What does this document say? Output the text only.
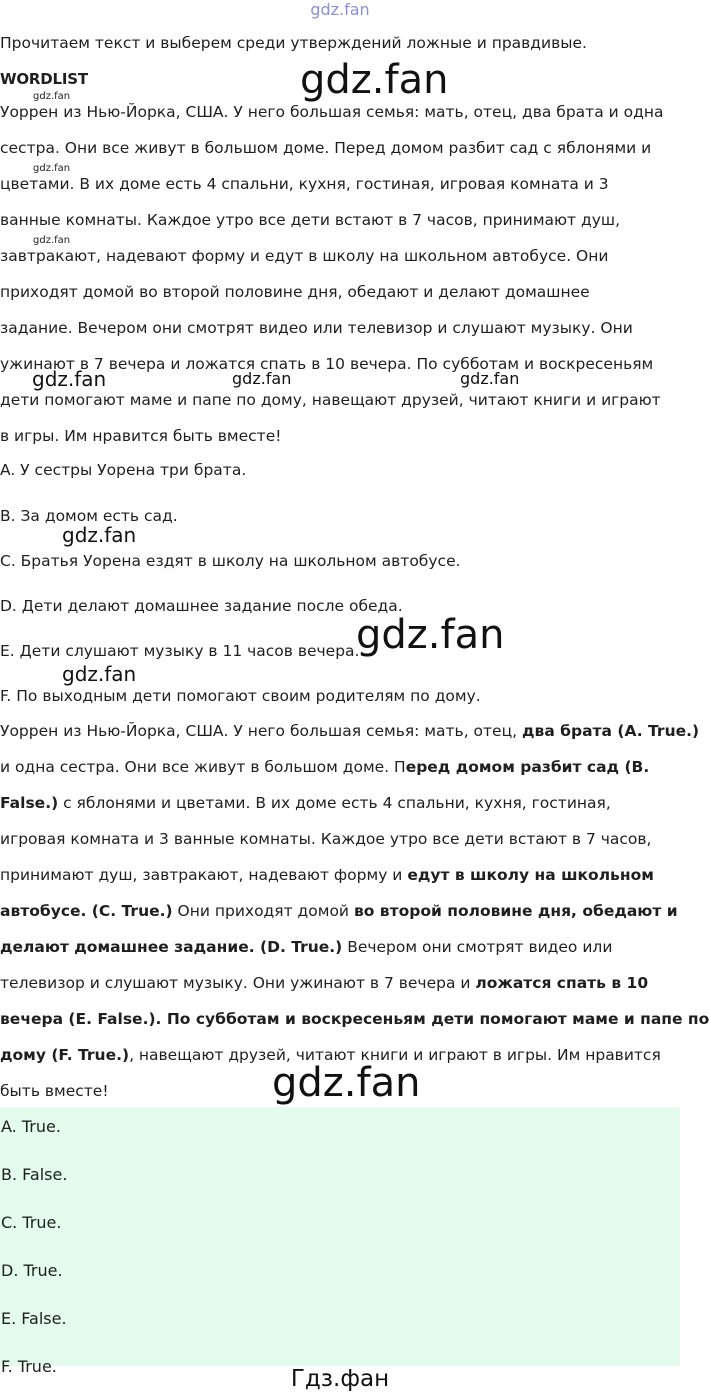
gdz.fan
Прочитаем текст и выберем среди утверждений ложные и правдивые.
WORDLIST	gdz.fan
gdz.fan
gdz.fan
gdz.fan
Уоррен из Нью-Йорка, США. У него большая семья: мать, отец, два брата и одна
сестра. Они все живут в большом доме. Перед домом разбит сад с яблонями и
цветами. В их доме есть 4 спальни, кухня, гостиная, игровая комната и 3
ванные комнаты. Каждое утро все дети встают в 7 часов, принимают душ,
завтракают, надевают форму и едут в школу на школьном автобусе. Они
приходят домой во второй половине дня, обедают и делают домашнее
задание. Вечером они смотрят видео или телевизор и слушают музыку. Они
ужинают в 7 вечера и ложатся спать в 10 вечера. По субботам и воскресеньям
дети помогают маме и папе по дому, навещают друзей, читают книги и играют
в игры. Им нравится быть вместе!
gdz.fan	gdz.fan	gdz.fan
A. У сестры Уорена три брата.
B. За домом есть сад.
C. Братья Уорена ездят в школу на школьном автобусе.
D. Дети делают домашнее задание после обеда.
E. Дети слушают музыку в 11 часов вечера.
F. По выходным дети помогают своим родителям по дому.
gdz.fan
gdz.fan
gdz.fan
Уоррен из Нью-Йорка, США. У него большая семья: мать, отец, два брата (A. True.)
и одна сестра. Они все живут в большом доме. Перед домом разбит сад (B.
False.) с яблонями и цветами. В их доме есть 4 спальни, кухня, гостиная,
игровая комната и 3 ванные комнаты. Каждое утро все дети встают в 7 часов,
принимают душ, завтракают, надевают форму и едут в школу на школьном
автобусе. (C. True.) Они приходят домой во второй половине дня, обедают и
делают домашнее задание. (D. True.) Вечером они смотрят видео или
телевизор и слушают музыку. Они ужинают в 7 вечера и ложатся спать в 10
вечера (E. False.). По субботам и воскресеньям дети помогают маме и папе по
дому (F. True.), навещают друзей, читают книги и играют в игры. Им нравится
быть вместе!	gdz.fan
A. True.
B. False.
C. True.
D. True.
E. False.
F. True.	Гдз.фан
